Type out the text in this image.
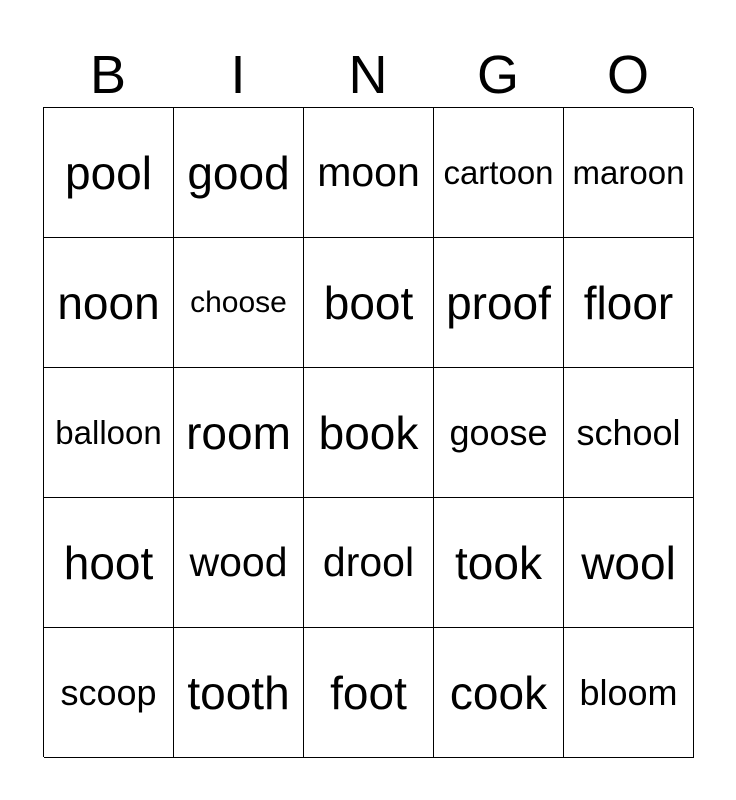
B	I	N	G	O
pool good moon cartoon maroon
noon	choose boot proof floor
balloon room book goose school
hoot wood drool took wool
scoop tooth foot cook bloom
